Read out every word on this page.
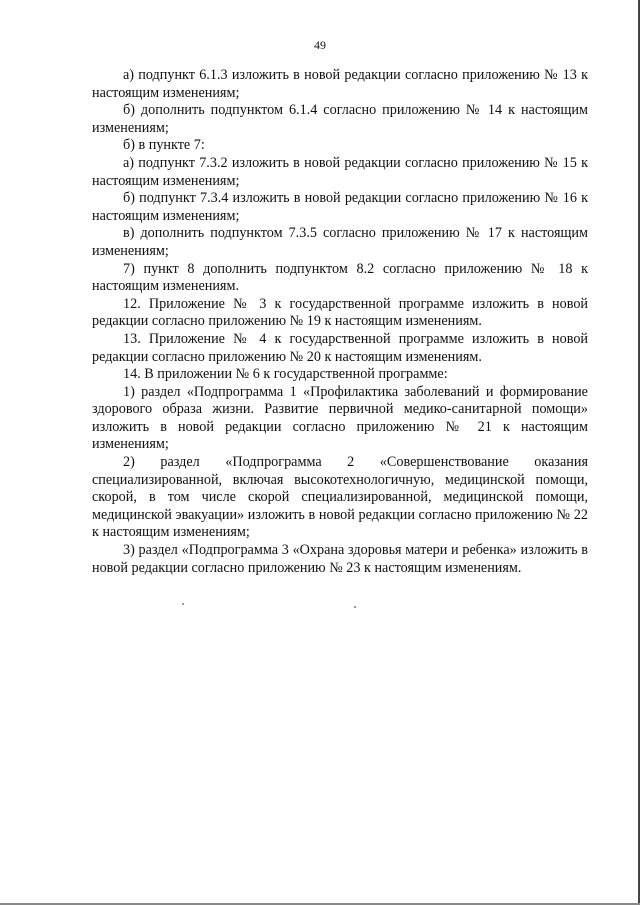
49

а) подпункт 6.1.3 изложить в новой редакции согласно приложению № 13 к настоящим изменениям;

б) дополнить подпунктом 6.1.4 согласно приложению № 14 к настоящим изменениям;

б) в пункте 7:

а) подпункт 7.3.2 изложить в новой редакции согласно приложению № 15 к настоящим изменениям;

б) подпункт 7.3.4 изложить в новой редакции согласно приложению № 16 к настоящим изменениям;

в) дополнить подпунктом 7.3.5 согласно приложению № 17 к настоящим изменениям;

7) пункт 8 дополнить подпунктом 8.2 согласно приложению № 18 к настоящим изменениям.

12. Приложение № 3 к государственной программе изложить в новой редакции согласно приложению № 19 к настоящим изменениям.

13. Приложение № 4 к государственной программе изложить в новой редакции согласно приложению № 20 к настоящим изменениям.

14. В приложении № 6 к государственной программе:

1) раздел «Подпрограмма 1 «Профилактика заболеваний и формирование здорового образа жизни. Развитие первичной медико-санитарной помощи» изложить в новой редакции согласно приложению № 21 к настоящим изменениям;

2) раздел «Подпрограмма 2 «Совершенствование оказания специализированной, включая высокотехнологичную, медицинской помощи, скорой, в том числе скорой специализированной, медицинской помощи, медицинской эвакуации» изложить в новой редакции согласно приложению № 22 к настоящим изменениям;

3) раздел «Подпрограмма 3 «Охрана здоровья матери и ребенка» изложить в новой редакции согласно приложению № 23 к настоящим изменениям.
